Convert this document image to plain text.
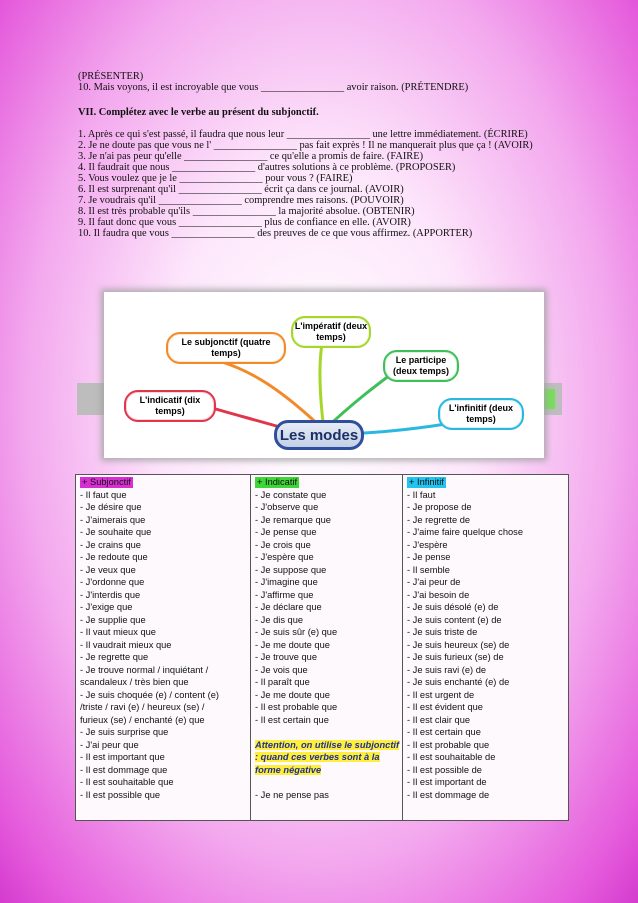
(PRÉSENTER)
10. Mais voyons, il est incroyable que vous ________________ avoir raison. (PRÉTENDRE)
VII. Complétez avec le verbe au présent du subjonctif.
1. Après ce qui s'est passé, il faudra que nous leur ________________ une lettre immédiatement. (ÉCRIRE)
2. Je ne doute pas que vous ne l' ________________ pas fait exprès ! Il ne manquerait plus que ça ! (AVOIR)
3. Je n'ai pas peur qu'elle ________________ ce qu'elle a promis de faire. (FAIRE)
4. Il faudrait que nous ________________ d'autres solutions à ce problème. (PROPOSER)
5. Vous voulez que je le ________________ pour vous ? (FAIRE)
6. Il est surprenant qu'il ________________ écrit ça dans ce journal. (AVOIR)
7. Je voudrais qu'il ________________ comprendre mes raisons. (POUVOIR)
8. Il est très probable qu'ils ________________ la majorité absolue. (OBTENIR)
9. Il faut donc que vous ________________ plus de confiance en elle. (AVOIR)
10. Il faudra que vous ________________ des preuves de ce que vous affirmez. (APPORTER)
Le subjonctif (quatre
temps)
L'impératif (deux
temps)
Le participe
(deux temps)
L'infinitif (deux
temps)
L'indicatif (dix
temps)
Les modes
+ Subjonctif
- Il faut que
- Je désire que
- J'aimerais que
- Je souhaite que
- Je crains que
- Je redoute que
- Je veux que
- J'ordonne que
- J'interdis que
- J'exige que
- Je supplie que
- Il vaut mieux que
- Il vaudrait mieux que
- Je regrette que
- Je trouve normal / inquiétant /
scandaleux / très bien que
- Je suis choquée (e) / content (e)
/triste / ravi (e) / heureux (se) /
furieux (se) / enchanté (e) que
- Je suis surprise que
- J'ai peur que
- Il est important que
- Il est dommage que
- Il est souhaitable que
- Il est possible que
+ Indicatif
- Je constate que
- J'observe que
- Je remarque que
- Je pense que
- Je crois que
- J'espère que
- Je suppose que
- J'imagine que
- J'affirme que
- Je déclare que
- Je dis que
- Je suis sûr (e) que
- Je me doute que
- Je trouve que
- Je vois que
- Il paraît que
- Je me doute que
- Il est probable que
- Il est certain que

Attention, on utilise le subjonctif
: quand ces verbes sont à la
forme négative

- Je ne pense pas
+ Infinitif
- Il faut
- Je propose de
- Je regrette de
- J'aime faire quelque chose
- J'espère
- Je pense
- Il semble
- J'ai peur de
- J'ai besoin de
- Je suis désolé (e) de
- Je suis content (e) de
- Je suis triste de
- Je suis heureux (se) de
- Je suis furieux (se) de
- Je suis ravi (e) de
- Je suis enchanté (e) de
- Il est urgent de
- Il est évident que
- Il est clair que
- Il est certain que
- Il est probable que
- Il est souhaitable de
- Il est possible de
- Il est important de
- Il est dommage de
